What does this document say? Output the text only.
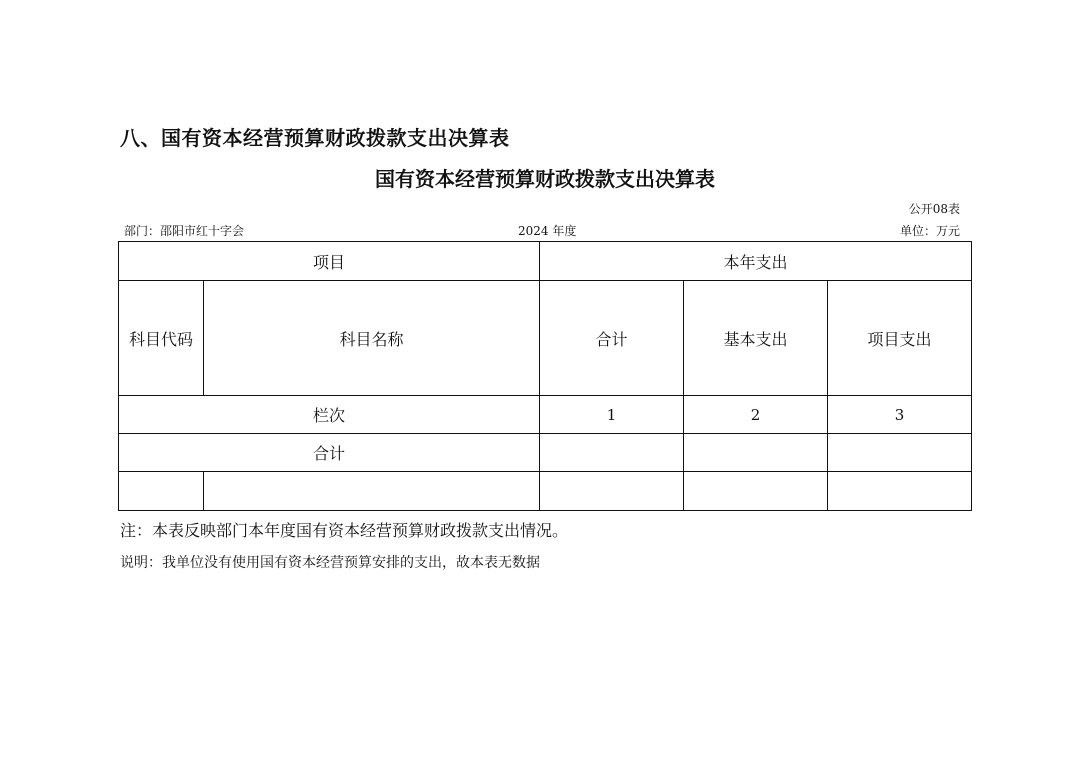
八、国有资本经营预算财政拨款支出决算表
国有资本经营预算财政拨款支出决算表
公开08表
部门：邵阳市红十字会	2024 年度	单位：万元
项目		本年支出		
科目代码	科目名称	合计	基本支出	项目支出
栏次		1	2	3
合计				

注：本表反映部门本年度国有资本经营预算财政拨款支出情况。
说明：我单位没有使用国有资本经营预算安排的支出，故本表无数据
